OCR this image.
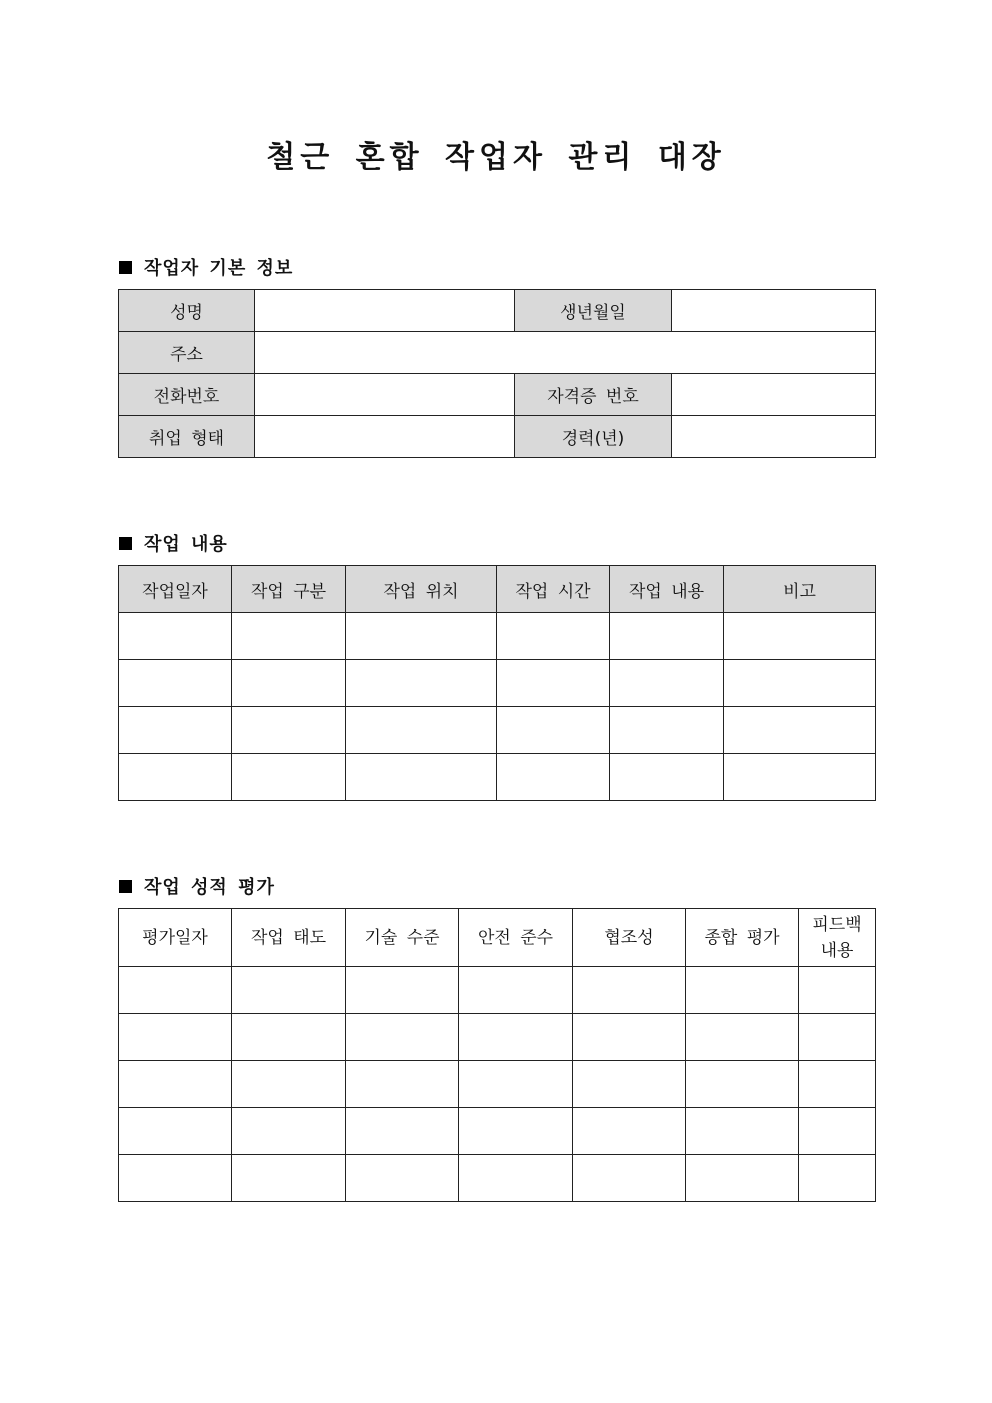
철근 혼합 작업자 관리 대장
작업자 기본 정보
성명		생년월일	
주소			
전화번호		자격증 번호	
취업 형태		경력(년)	
작업 내용
작업일자	작업 구분	작업 위치	작업 시간	작업 내용	비고

작업 성적 평가
평가일자	작업 태도	기술 수준	안전 준수	협조성	종합 평가	피드백
내용
